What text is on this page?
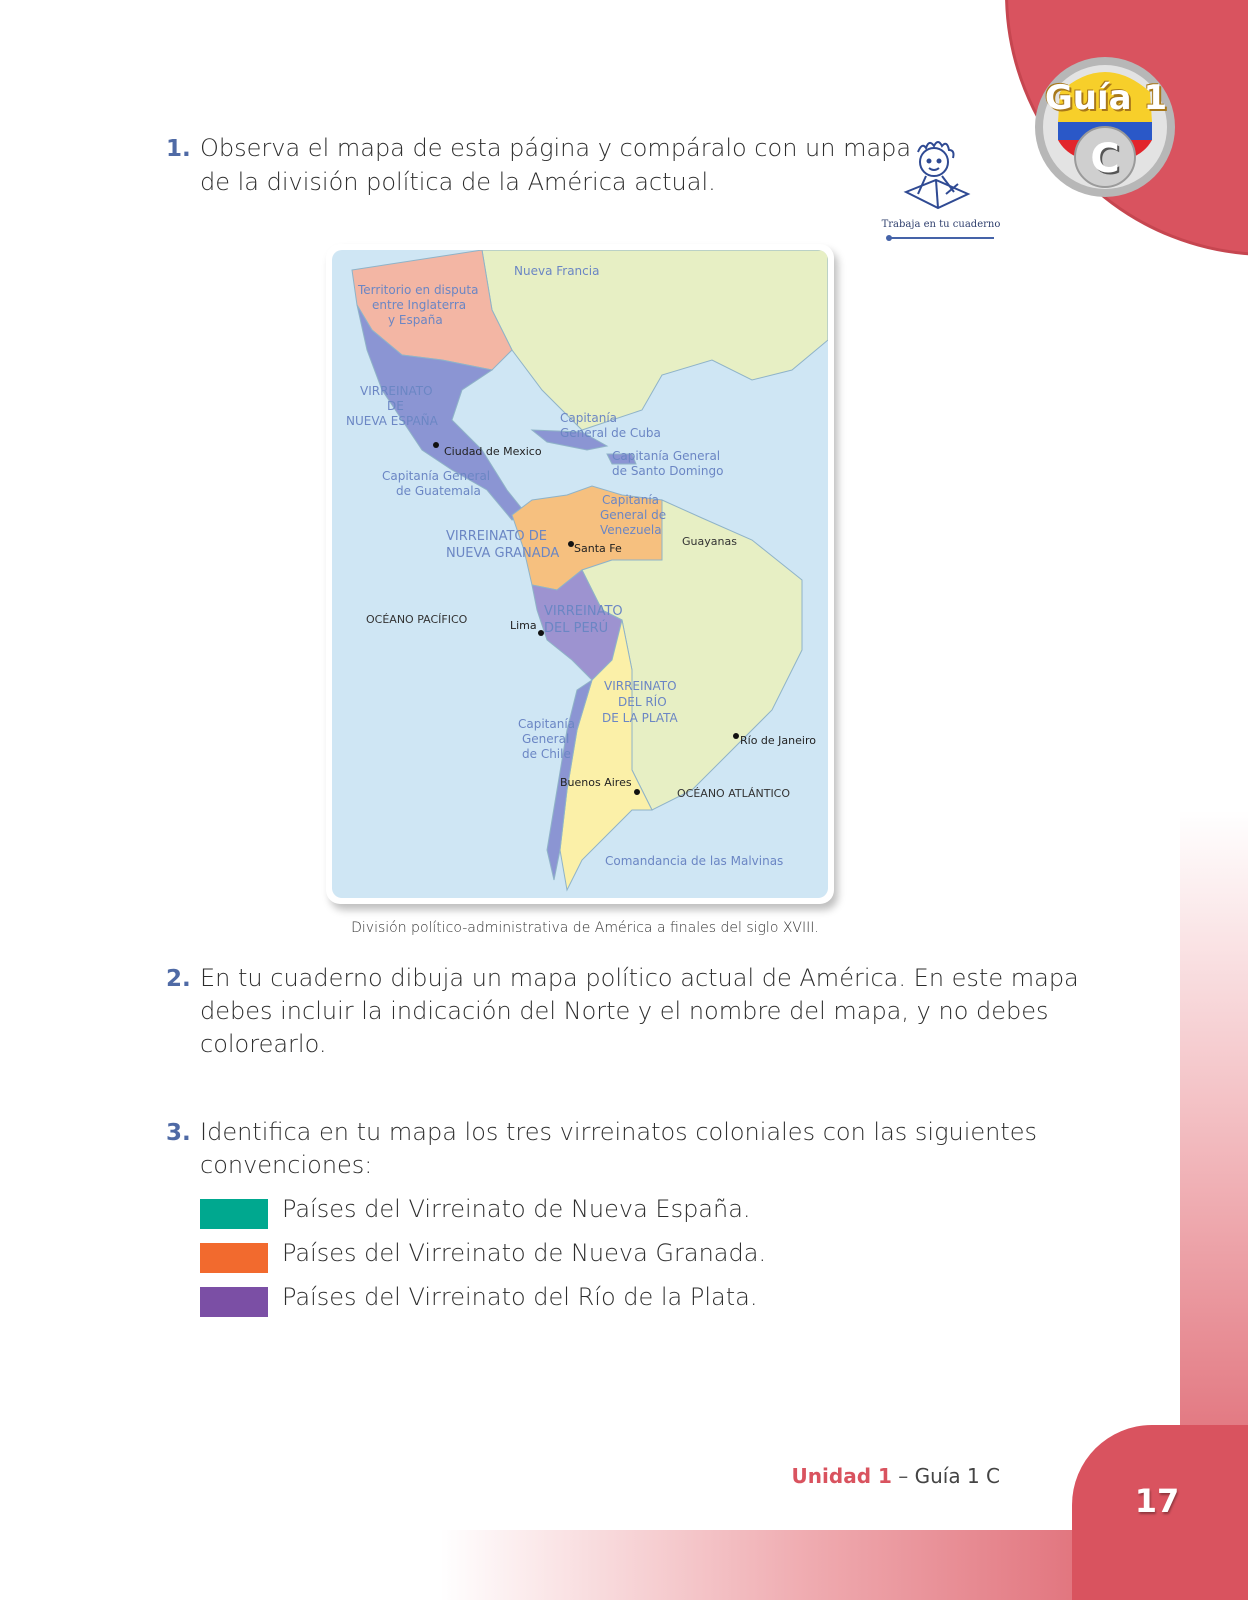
Guía 1
C
1. Observa el mapa de esta página y compáralo con un mapa
de la división política de la América actual.
Trabaja en tu cuaderno
Nueva Francia
Territorio en disputa
entre Inglaterra
y España
VIRREINATO
DE
NUEVA ESPAÑA
Ciudad de Mexico
Capitanía
General de Cuba
Capitanía General
de Santo Domingo
Capitanía General
de Guatemala
Capitanía
General de
Venezuela
VIRREINATO DE
NUEVA GRANADA Santa Fe
Guayanas
OCÉANO PACÍFICO
VIRREINATO
DEL PERÚ
Lima
VIRREINATO
DEL RÍO
DE LA PLATA
Capitanía
General
de Chile
Río de Janeiro
Buenos Aires
OCÉANO ATLÁNTICO
Comandancia de las Malvinas
División político-administrativa de América a finales del siglo XVIII.
2. En tu cuaderno dibuja un mapa político actual de América. En este mapa
debes incluir la indicación del Norte y el nombre del mapa, y no debes
colorearlo.
3. Identifica en tu mapa los tres virreinatos coloniales con las siguientes
convenciones:
Países del Virreinato de Nueva España.
Países del Virreinato de Nueva Granada.
Países del Virreinato del Río de la Plata.
Unidad 1 – Guía 1 C
17
